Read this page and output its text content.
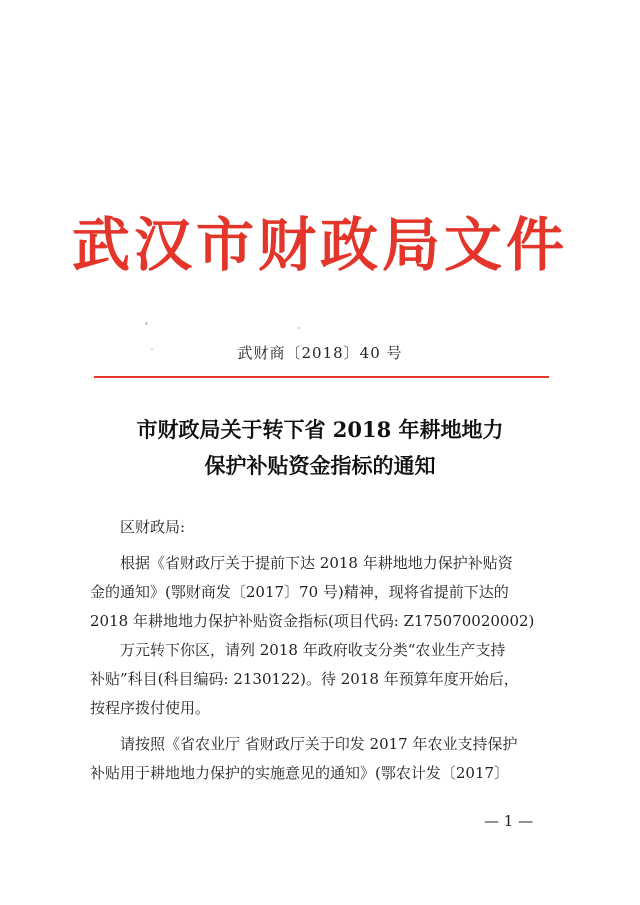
武汉市财政局文件
武财商〔2018〕40 号
市财政局关于转下省 2018 年耕地地力
保护补贴资金指标的通知
区财政局:
根据《省财政厅关于提前下达 2018 年耕地地力保护补贴资
金的通知》(鄂财商发〔2017〕70 号)精神，现将省提前下达的
2018 年耕地地力保护补贴资金指标(项目代码: Z175070020002)
万元转下你区，请列 2018 年政府收支分类“农业生产支持
补贴”科目(科目编码: 2130122)。待 2018 年预算年度开始后，
按程序拨付使用。
请按照《省农业厅 省财政厅关于印发 2017 年农业支持保护
补贴用于耕地地力保护的实施意见的通知》(鄂农计发〔2017〕
— 1 —
